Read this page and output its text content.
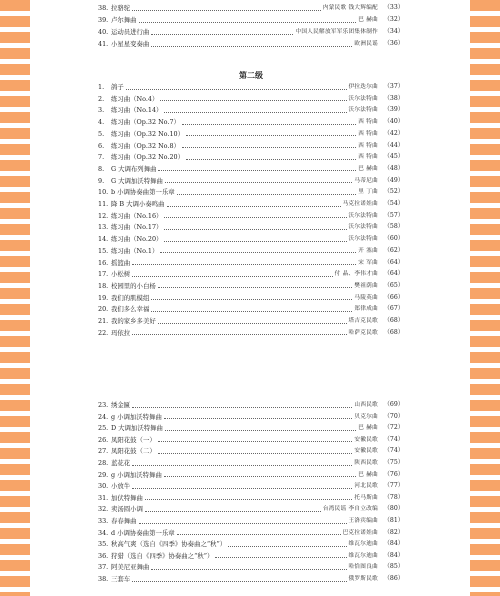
38. 拉骆驼	内蒙民歌 钱大辉编配 （33）
39. 卢尔舞曲	巴 赫曲 （32）
40. 运动员进行曲	中国人民解放军军乐团集体制作 （34）
41. 小星星变奏曲	欧洲民谣 （36）
第二级
1.	鸽子	伊拉迭尔曲 （37）
2.	练习曲（No.4）	沃尔法特曲 （38）
3.	练习曲（No.14）	沃尔法特曲 （39）
4.	练习曲（Op.32 No.7）	西 特曲 （40）
5.	练习曲（Op.32 No.10）	西 特曲 （42）
6.	练习曲（Op.32 No.8）	西 特曲 （44）
7.	练习曲（Op.32 No.20）	西 特曲 （45）
8.	G 大调布列舞曲	巴 赫曲 （48）
9.	G 大调加沃特舞曲	马蒂尼曲 （49）
10. b 小调协奏曲第一乐章	里 丁曲 （52）
11. 降 B 大调小奏鸣曲	马克拉诺娃曲 （54）
12. 练习曲（No.16）	沃尔法特曲 （57）
13. 练习曲（No.17）	沃尔法特曲 （58）
14. 练习曲（No.20）	沃尔法特曲 （60）
15. 练习曲（No.1）	开 塞曲 （62）
16. 摇篮曲	宋 军曲 （64）
17. 小松树	付 晶、李伟才曲 （64）
18. 校园里的小白杨	樊祖荫曲 （65）
19. 我们的肌模组	马陵英曲 （66）
20. 我们多么幸福	郑律成曲 （67）
21. 我的家乡多美好	塔吉克民歌 （68）
22. 玛依拉	哈萨克民歌 （68）
23. 绣金匾	山西民歌 （69）
24. g 小调加沃特舞曲	贝克尔曲 （70）
25. D 大调加沃特舞曲	巴 赫曲 （72）
26. 凤阳花鼓（一）	安徽民歌 （74）
27. 凤阳花鼓（二）	安徽民歌 （74）
28. 蓝花花	陕西民歌 （75）
29. g 小调加沃特舞曲	巴 赫曲 （76）
30. 小放牛	河北民歌 （77）
31. 加伏特舞曲	托马斯曲 （78）
32. 卖汤圆小调	台湾民谣 李自立改编 （80）
33. 春春舞曲	王洛宾编曲 （81）
34. d 小调协奏曲第一乐章	巴克拉诺娃曲 （82）
35. 秋高气爽（选自《四季》协奏曲之“秋”）	维瓦尔迪曲 （84）
36. 狩猎（选自《四季》协奏曲之“秋”）	维瓦尔迪曲 （84）
37. 阿美尼亚舞曲	哈恰图良曲 （85）
38. 三套车	俄罗斯民歌 （86）
